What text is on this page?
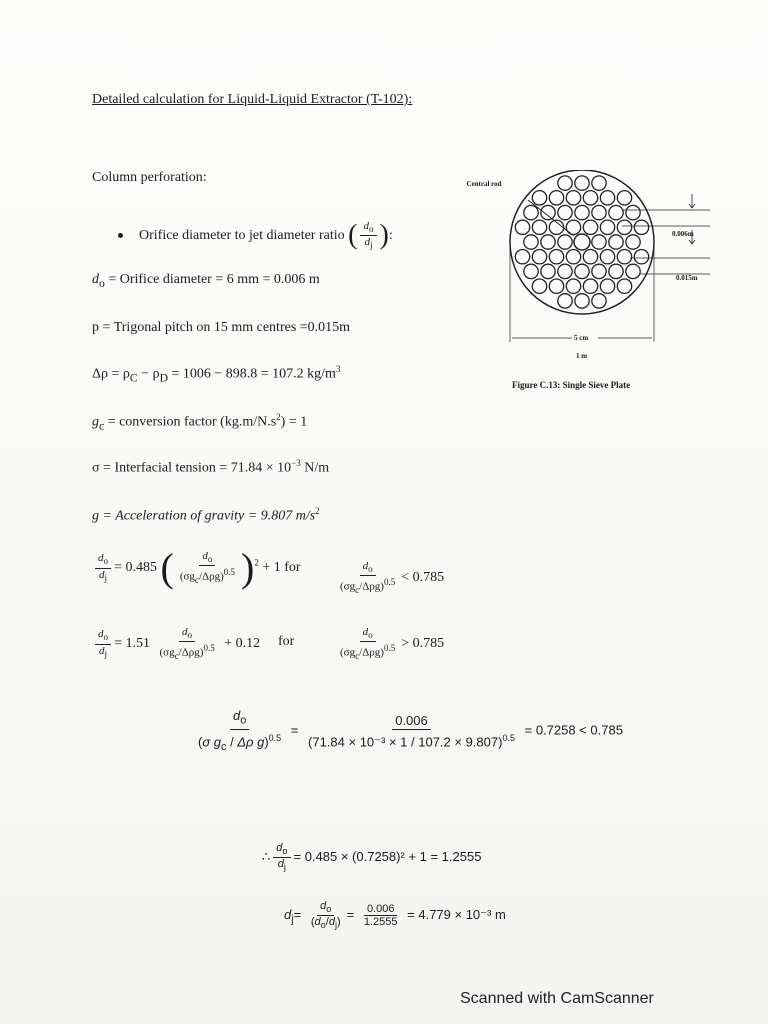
Detailed calculation for Liquid-Liquid Extractor (T-102):
Column perforation:
Orifice diameter to jet diameter ratio ( $\frac{d_o}{d_j}$ ):
$d_o$ = Orifice diameter = 6 mm = 0.006 m
p = Trigonal pitch on 15 mm centres =0.015m
$\Delta\rho = \rho_C - \rho_D = 1006 - 898.8 = 107.2$ $kg/m^3$
$g_c$ = conversion factor $(kg.m/N.s^2) = 1$
σ = Interfacial tension = $71.84 \times 10^{-3}$ N/m
g = Acceleration of gravity = 9.807 $m/s^2$
$\frac{d_o}{d_j} = 0.485$ ( $\frac{d_o}{(\sigma g_c/\Delta\rho g)^{0.5}} )^2 + 1$ for	$\frac{d_o}{(\sigma g_c/\Delta\rho g)^{0.5}} < 0.785$
$\frac{d_o}{d_j} = 1.51 \frac{d_o}{(\sigma g_c/\Delta\rho g)^{0.5}} + 0.12$ for	$\frac{d_o}{(\sigma g_c/\Delta\rho g)^{0.5}} > 0.785$
$\frac{d_o}{(\sigma g_c / \Delta\rho g)^{0.5}} = \frac{0.006}{(71.84 \times 10^{-3} \times 1 / 107.2 \times 9.807)^{0.5}} = 0.7258 < 0.785$
∴ $\frac{d_o}{d_j} = 0.485 \times (0.7258)^2 + 1 = 1.2555$
$d_j= \frac{d_o}{(d_o/d_j)} = \frac{0.006}{1.2555} = 4.779 \times 10^{-3}$ m
Central rod
0.006m
0.015m
5 cm
1 m
Figure C.13: Single Sieve Plate
Scanned with CamScanner
